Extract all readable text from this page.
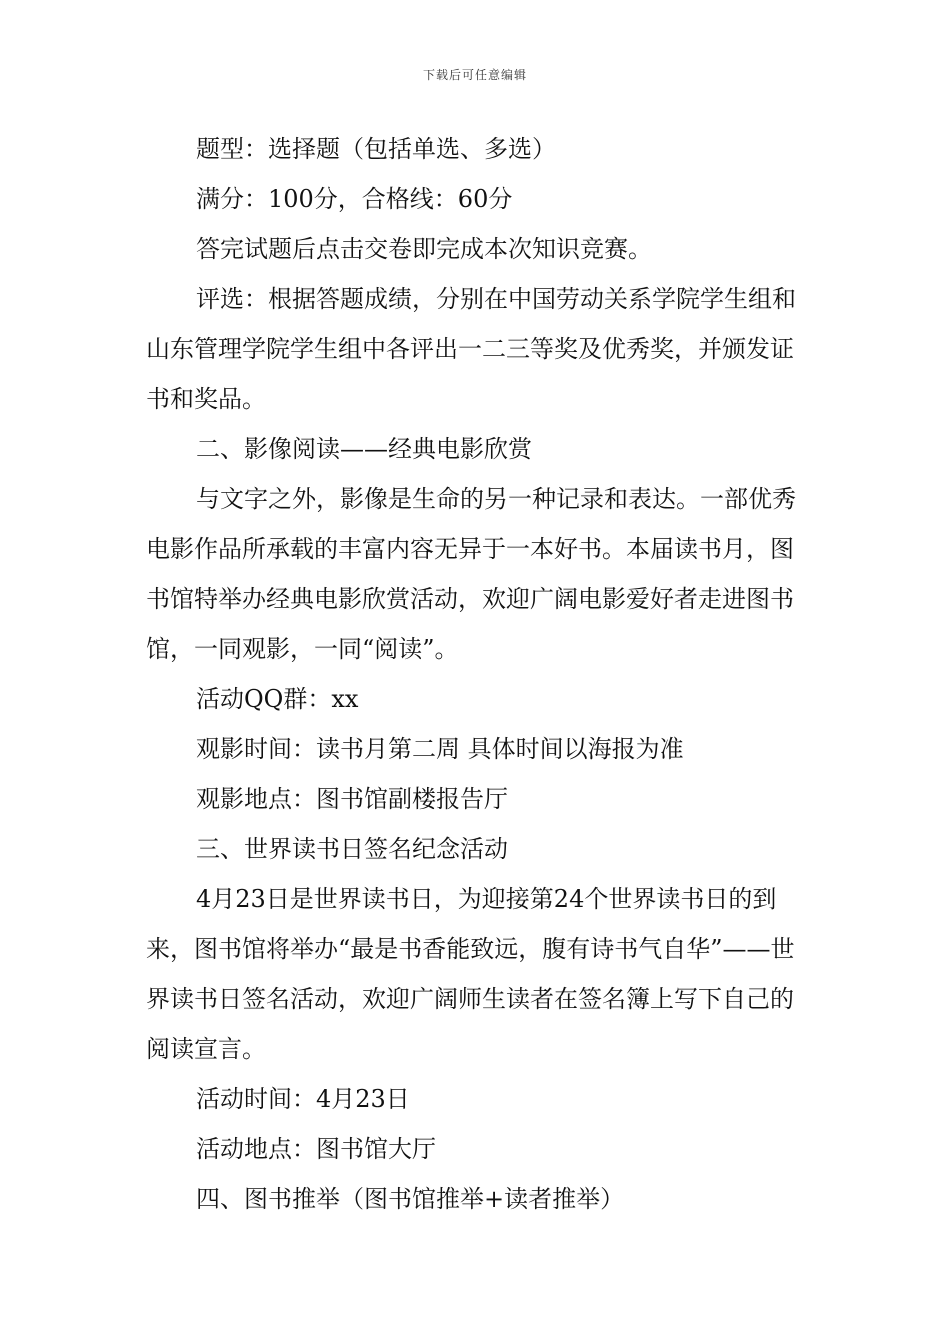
下载后可任意编辑

题型：选择题（包括单选、多选）

满分：100分，合格线：60分

答完试题后点击交卷即完成本次知识竞赛。

评选：根据答题成绩，分别在中国劳动关系学院学生组和山东管理学院学生组中各评出一二三等奖及优秀奖，并颁发证书和奖品。

二、影像阅读——经典电影欣赏

与文字之外，影像是生命的另一种记录和表达。一部优秀电影作品所承载的丰富内容无异于一本好书。本届读书月，图书馆特举办经典电影欣赏活动，欢迎广阔电影爱好者走进图书馆，一同观影，一同“阅读”。

活动QQ群：xx

观影时间：读书月第二周 具体时间以海报为准

观影地点：图书馆副楼报告厅

三、世界读书日签名纪念活动

4月23日是世界读书日，为迎接第24个世界读书日的到来，图书馆将举办“最是书香能致远，腹有诗书气自华”——世界读书日签名活动，欢迎广阔师生读者在签名簿上写下自己的阅读宣言。

活动时间：4月23日

活动地点：图书馆大厅

四、图书推举（图书馆推举+读者推举）
